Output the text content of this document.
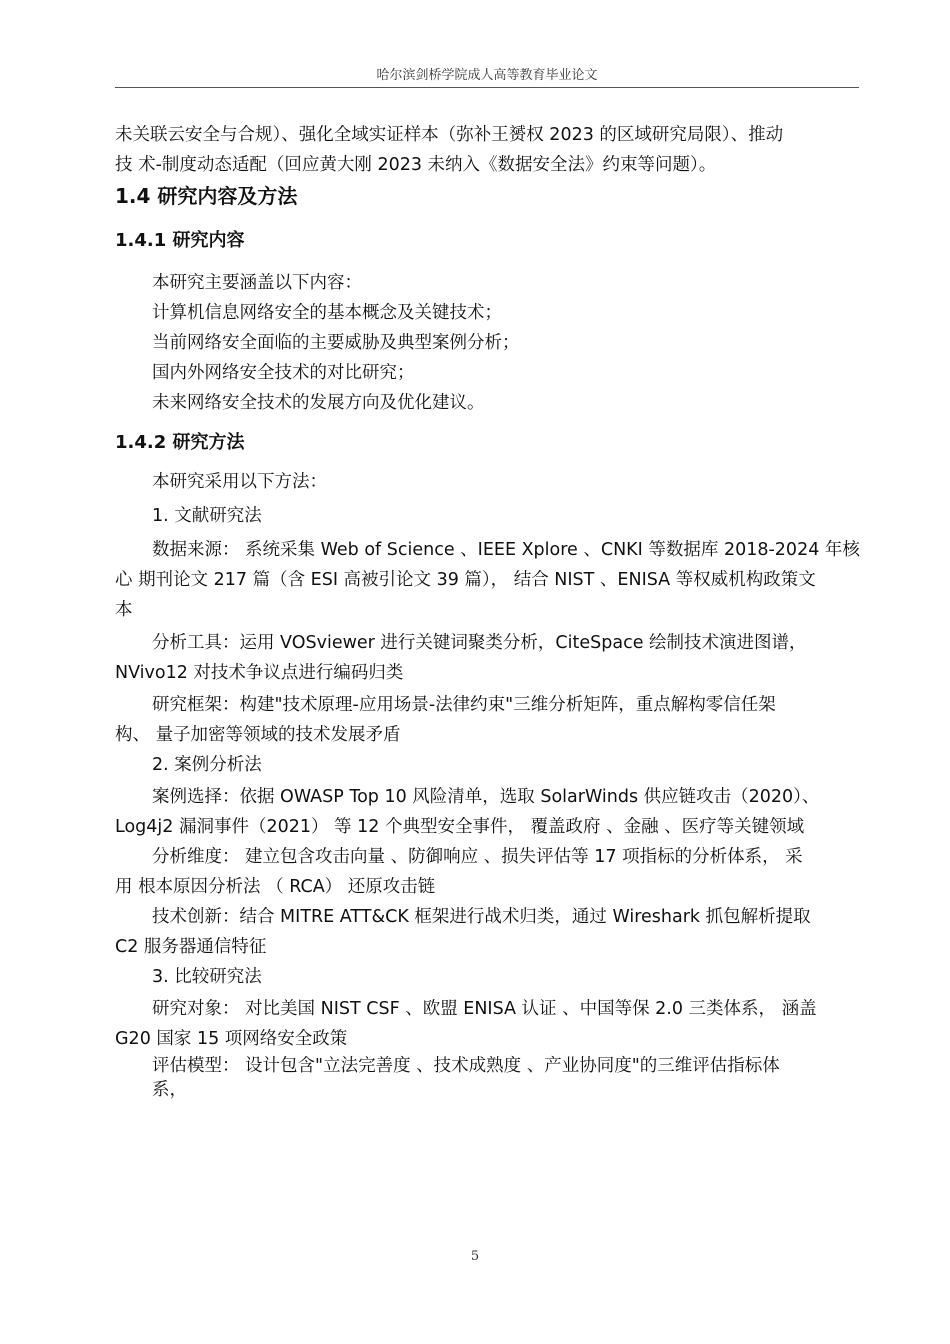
哈尔滨剑桥学院成人高等教育毕业论文

未关联云安全与合规）、强化全域实证样本（弥补王赟权 2023 的区域研究局限）、推动

技 术-制度动态适配（回应黄大刚 2023 未纳入《数据安全法》约束等问题）。

1.4 研究内容及方法

1.4.1 研究内容

本研究主要涵盖以下内容：

计算机信息网络安全的基本概念及关键技术；

当前网络安全面临的主要威胁及典型案例分析；

国内外网络安全技术的对比研究；

未来网络安全技术的发展方向及优化建议。

1.4.2 研究方法

本研究采用以下方法：

1. 文献研究法

数据来源： 系统采集 Web of Science 、IEEE Xplore 、CNKI 等数据库 2018-2024 年核

心 期刊论文 217 篇（含 ESI 高被引论文 39 篇）， 结合 NIST 、ENISA 等权威机构政策文

本

分析工具：运用 VOSviewer 进行关键词聚类分析，CiteSpace 绘制技术演进图谱，

NVivo12 对技术争议点进行编码归类

研究框架：构建"技术原理-应用场景-法律约束"三维分析矩阵，重点解构零信任架

构、 量子加密等领域的技术发展矛盾

2. 案例分析法

案例选择：依据 OWASP Top 10 风险清单，选取 SolarWinds 供应链攻击（2020）、

Log4j2 漏洞事件（2021） 等 12 个典型安全事件， 覆盖政府 、金融 、医疗等关键领域

分析维度： 建立包含攻击向量 、防御响应 、损失评估等 17 项指标的分析体系， 采

用 根本原因分析法 （ RCA） 还原攻击链

技术创新：结合 MITRE ATT&CK 框架进行战术归类，通过 Wireshark 抓包解析提取

C2 服务器通信特征

3. 比较研究法

研究对象： 对比美国 NIST CSF 、欧盟 ENISA 认证 、中国等保 2.0 三类体系， 涵盖

G20 国家 15 项网络安全政策

评估模型： 设计包含"立法完善度 、技术成熟度 、产业协同度"的三维评估指标体

系，

5
